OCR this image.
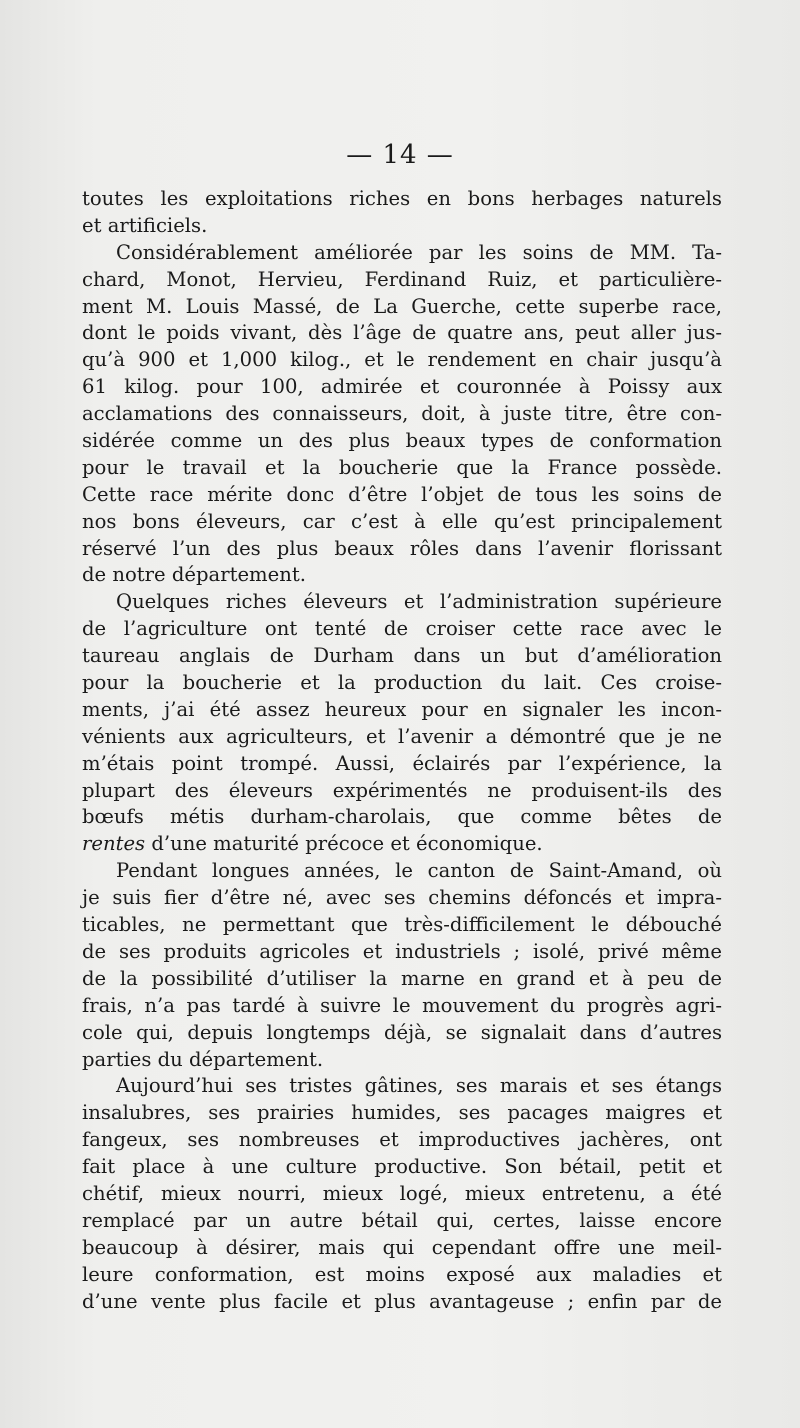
— 14 —
toutes les exploitations riches en bons herbages naturels
et artificiels.
Considérablement améliorée par les soins de MM. Ta-
chard, Monot, Hervieu, Ferdinand Ruiz, et particulière-
ment M. Louis Massé, de La Guerche, cette superbe race,
dont le poids vivant, dès l’âge de quatre ans, peut aller jus-
qu’à 900 et 1,000 kilog., et le rendement en chair jusqu’à
61 kilog. pour 100, admirée et couronnée à Poissy aux
acclamations des connaisseurs, doit, à juste titre, être con-
sidérée comme un des plus beaux types de conformation
pour le travail et la boucherie que la France possède.
Cette race mérite donc d’être l’objet de tous les soins de
nos bons éleveurs, car c’est à elle qu’est principalement
réservé l’un des plus beaux rôles dans l’avenir florissant
de notre département.
Quelques riches éleveurs et l’administration supérieure
de l’agriculture ont tenté de croiser cette race avec le
taureau anglais de Durham dans un but d’amélioration
pour la boucherie et la production du lait. Ces croise-
ments, j’ai été assez heureux pour en signaler les incon-
vénients aux agriculteurs, et l’avenir a démontré que je ne
m’étais point trompé. Aussi, éclairés par l’expérience, la
plupart des éleveurs expérimentés ne produisent-ils des
bœufs métis durham-charolais, que comme bêtes de
rentes d’une maturité précoce et économique.
Pendant longues années, le canton de Saint-Amand, où
je suis fier d’être né, avec ses chemins défoncés et impra-
ticables, ne permettant que très-difficilement le débouché
de ses produits agricoles et industriels ; isolé, privé même
de la possibilité d’utiliser la marne en grand et à peu de
frais, n’a pas tardé à suivre le mouvement du progrès agri-
cole qui, depuis longtemps déjà, se signalait dans d’autres
parties du département.
Aujourd’hui ses tristes gâtines, ses marais et ses étangs
insalubres, ses prairies humides, ses pacages maigres et
fangeux, ses nombreuses et improductives jachères, ont
fait place à une culture productive. Son bétail, petit et
chétif, mieux nourri, mieux logé, mieux entretenu, a été
remplacé par un autre bétail qui, certes, laisse encore
beaucoup à désirer, mais qui cependant offre une meil-
leure conformation, est moins exposé aux maladies et
d’une vente plus facile et plus avantageuse ; enfin par de
